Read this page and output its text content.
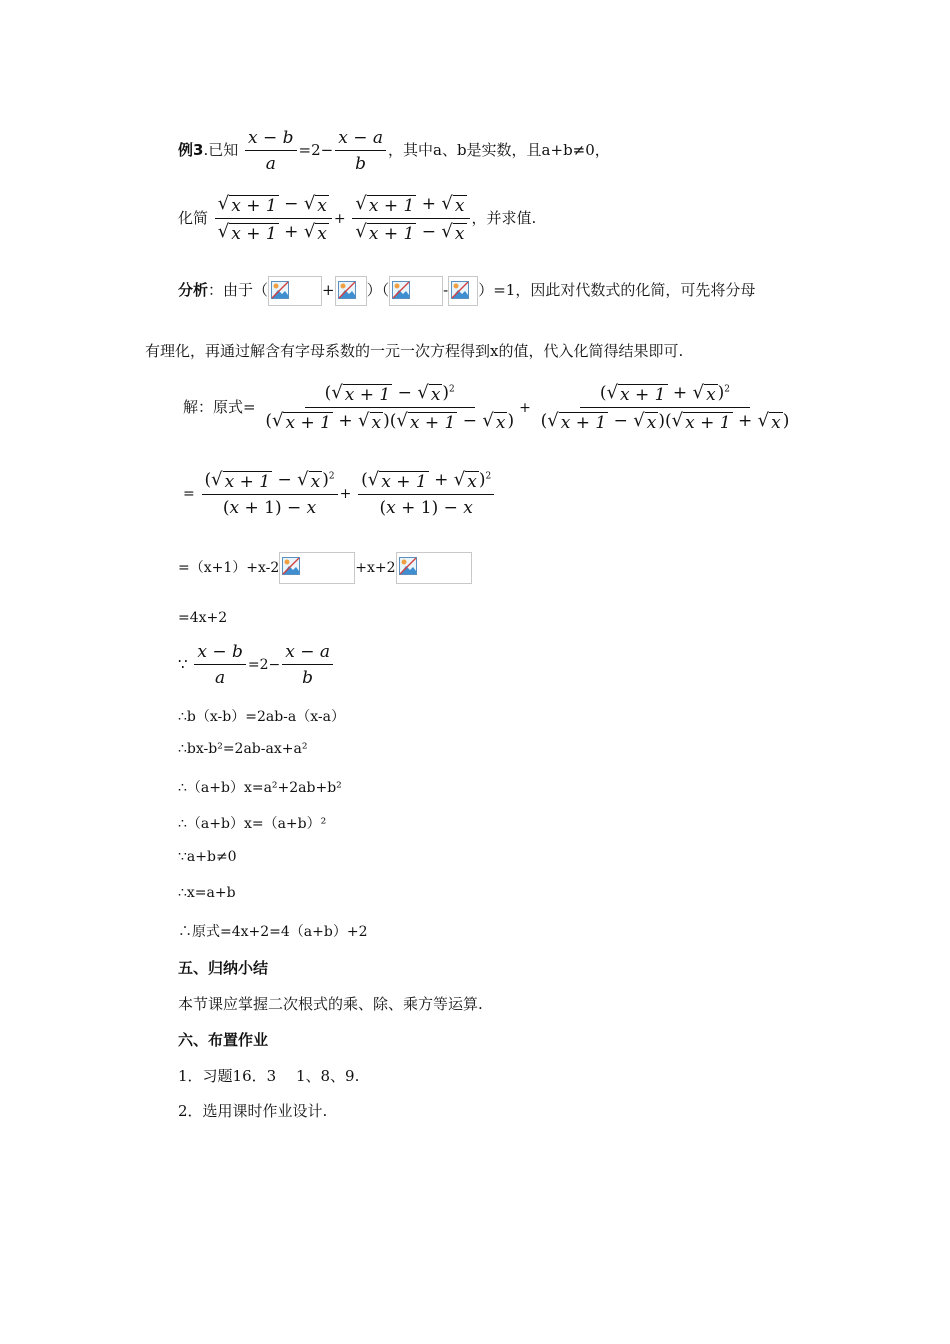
例3.已知 $\frac{x - b}{a} =2- \frac{x - a}{b}$ ，其中a、b是实数，且a+b≠0，
化简 $\frac{√ x + 1 - √ x}{√ x + 1 + √ x} + \frac{√ x + 1 + √ x}{√ x + 1 - √ x}$ ，并求值.
分析：由于（	+ ）（	- ）=1，因此对代数式的化简，可先将分母
有理化，再通过解含有字母系数的一元一次方程得到x的值，代入化简得结果即可.
解：原式= $\frac{( √ x + 1 - √ x )^2}{( √ x + 1 + √ x )( √ x + 1 - √ x )} + \frac{( √ x + 1 + √ x )^2}{( √ x + 1 - √ x )( √ x + 1 + √ x )}$
= $\frac{( √ x + 1 - √ x )^2}{(x + 1) - x} + \frac{( √ x + 1 + √ x )^2}{(x + 1) - x}$
=（x+1）+x-2	+x+2
=4x+2
∵ $\frac{x - b}{a} =2- \frac{x - a}{b}$
∴b（x-b）=2ab-a（x-a）
∴bx-b²=2ab-ax+a²
∴（a+b）x=a²+2ab+b²
∴（a+b）x=（a+b）²
∵a+b≠0
∴x=a+b
∴原式=4x+2=4（a+b）+2
五、归纳小结
本节课应掌握二次根式的乘、除、乘方等运算.
六、布置作业
1．习题16．3　 1、8、9.
2．选用课时作业设计.
